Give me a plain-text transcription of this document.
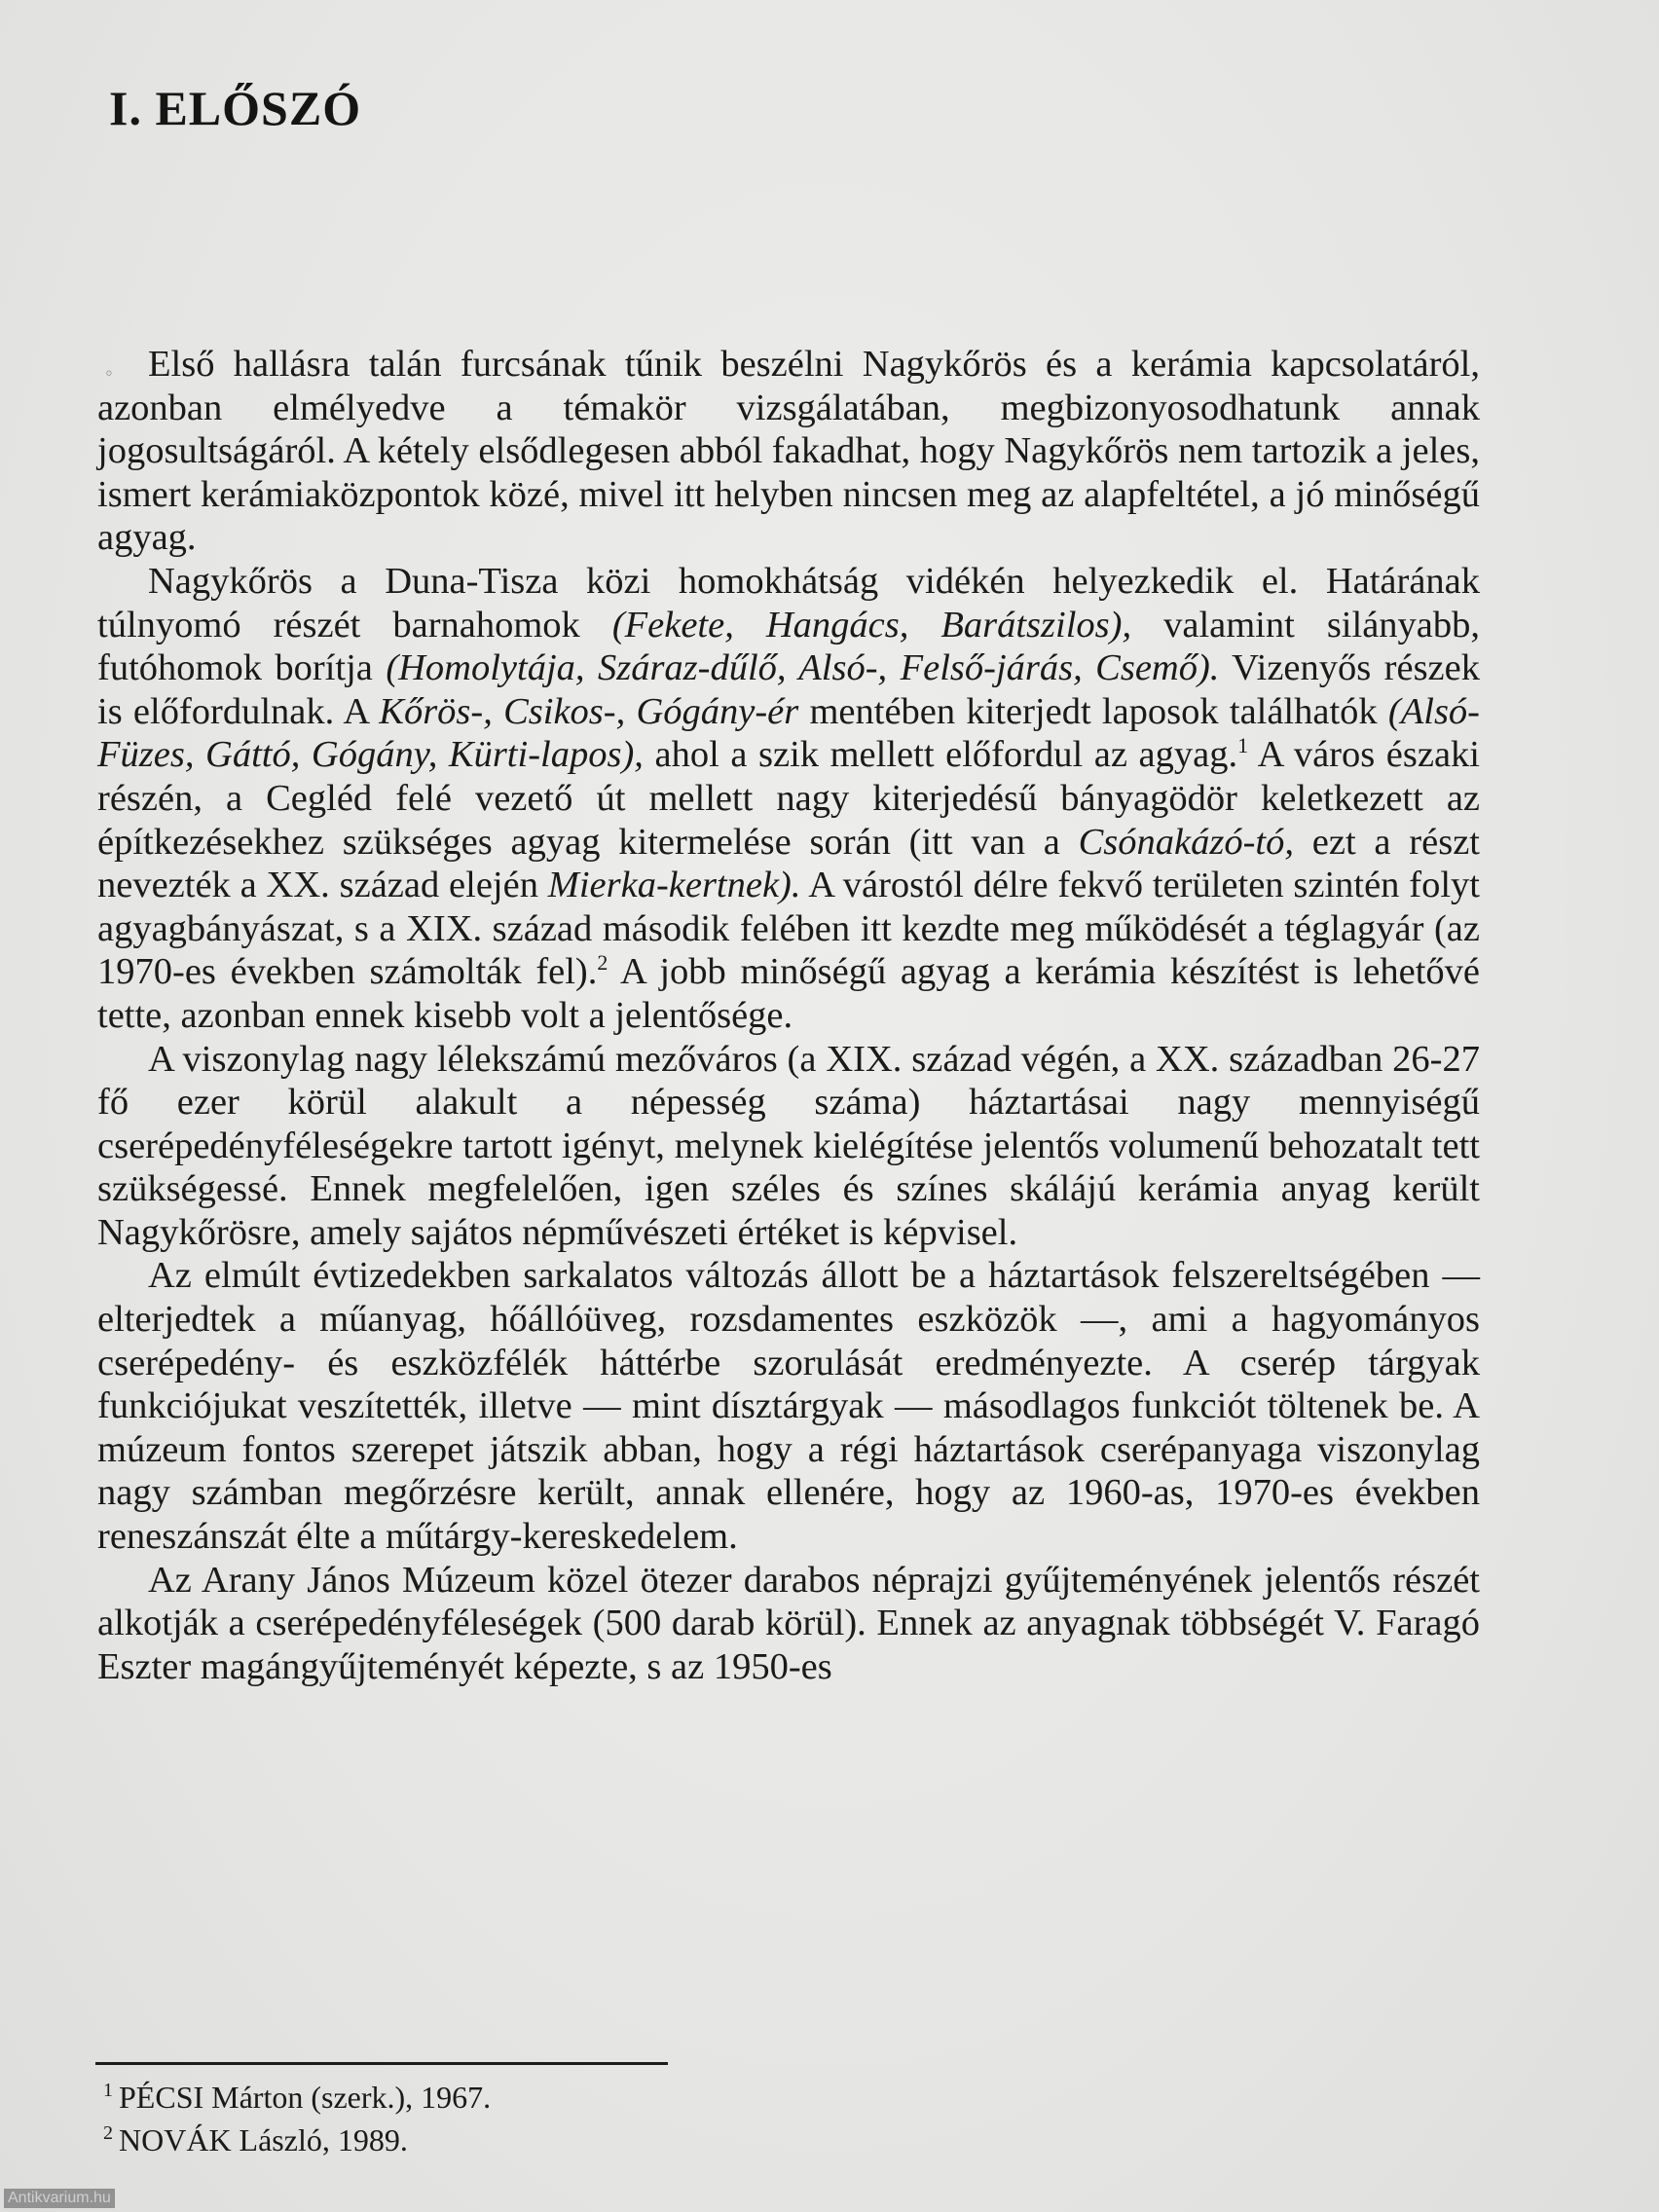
I. ELŐSZÓ
◦ Első hallásra talán furcsának tűnik beszélni Nagykőrös és a kerámia kapcsolatáról, azonban elmélyedve a témakör vizsgálatában, megbizonyosodhatunk annak jogosultságáról. A kétely elsődlegesen abból fakadhat, hogy Nagykőrös nem tartozik a jeles, ismert kerámiaközpontok közé, mivel itt helyben nincsen meg az alapfeltétel, a jó minőségű agyag.

Nagykőrös a Duna-Tisza közi homokhátság vidékén helyezkedik el. Határának túlnyomó részét barnahomok (Fekete, Hangács, Barátszilos), valamint silányabb, futóhomok borítja (Homolytája, Száraz-dűlő, Alsó-, Felső-járás, Csemő). Vizenyős részek is előfordulnak. A Kőrös-, Csikos-, Gógány-ér mentében kiterjedt laposok találhatók (Alsó-Füzes, Gáttó, Gógány, Kürti-lapos), ahol a szik mellett előfordul az agyag.$^1$ A város északi részén, a Cegléd felé vezető út mellett nagy kiterjedésű bányagödör keletkezett az építkezésekhez szükséges agyag kitermelése során (itt van a Csónakázó-tó, ezt a részt nevezték a XX. század elején Mierka-kertnek). A várostól délre fekvő területen szintén folyt agyagbányászat, s a XIX. század második felében itt kezdte meg működését a téglagyár (az 1970-es években számolták fel).$^2$ A jobb minőségű agyag a kerámia készítést is lehetővé tette, azonban ennek kisebb volt a jelentősége.

A viszonylag nagy lélekszámú mezőváros (a XIX. század végén, a XX. században 26-27 fő ezer körül alakult a népesség száma) háztartásai nagy mennyiségű cserépedényféleségekre tartott igényt, melynek kielégítése jelentős volumenű behozatalt tett szükségessé. Ennek megfelelően, igen széles és színes skálájú kerámia anyag került Nagykőrösre, amely sajátos népművészeti értéket is képvisel.

Az elmúlt évtizedekben sarkalatos változás állott be a háztartások felszereltségében — elterjedtek a műanyag, hőállóüveg, rozsdamentes eszközök —, ami a hagyományos cserépedény- és eszközfélék háttérbe szorulását eredményezte. A cserép tárgyak funkciójukat veszítették, illetve — mint dísztárgyak — másodlagos funkciót töltenek be. A múzeum fontos szerepet játszik abban, hogy a régi háztartások cserépanyaga viszonylag nagy számban megőrzésre került, annak ellenére, hogy az 1960-as, 1970-es években reneszánszát élte a műtárgy-kereskedelem.

Az Arany János Múzeum közel ötezer darabos néprajzi gyűjteményének jelentős részét alkotják a cserépedényféleségek (500 darab körül). Ennek az anyagnak többségét V. Faragó Eszter magángyűjteményét képezte, s az 1950-es

$^1$ PÉCSI Márton (szerk.), 1967.
$^2$ NOVÁK László, 1989.
Antikvarium.hu
